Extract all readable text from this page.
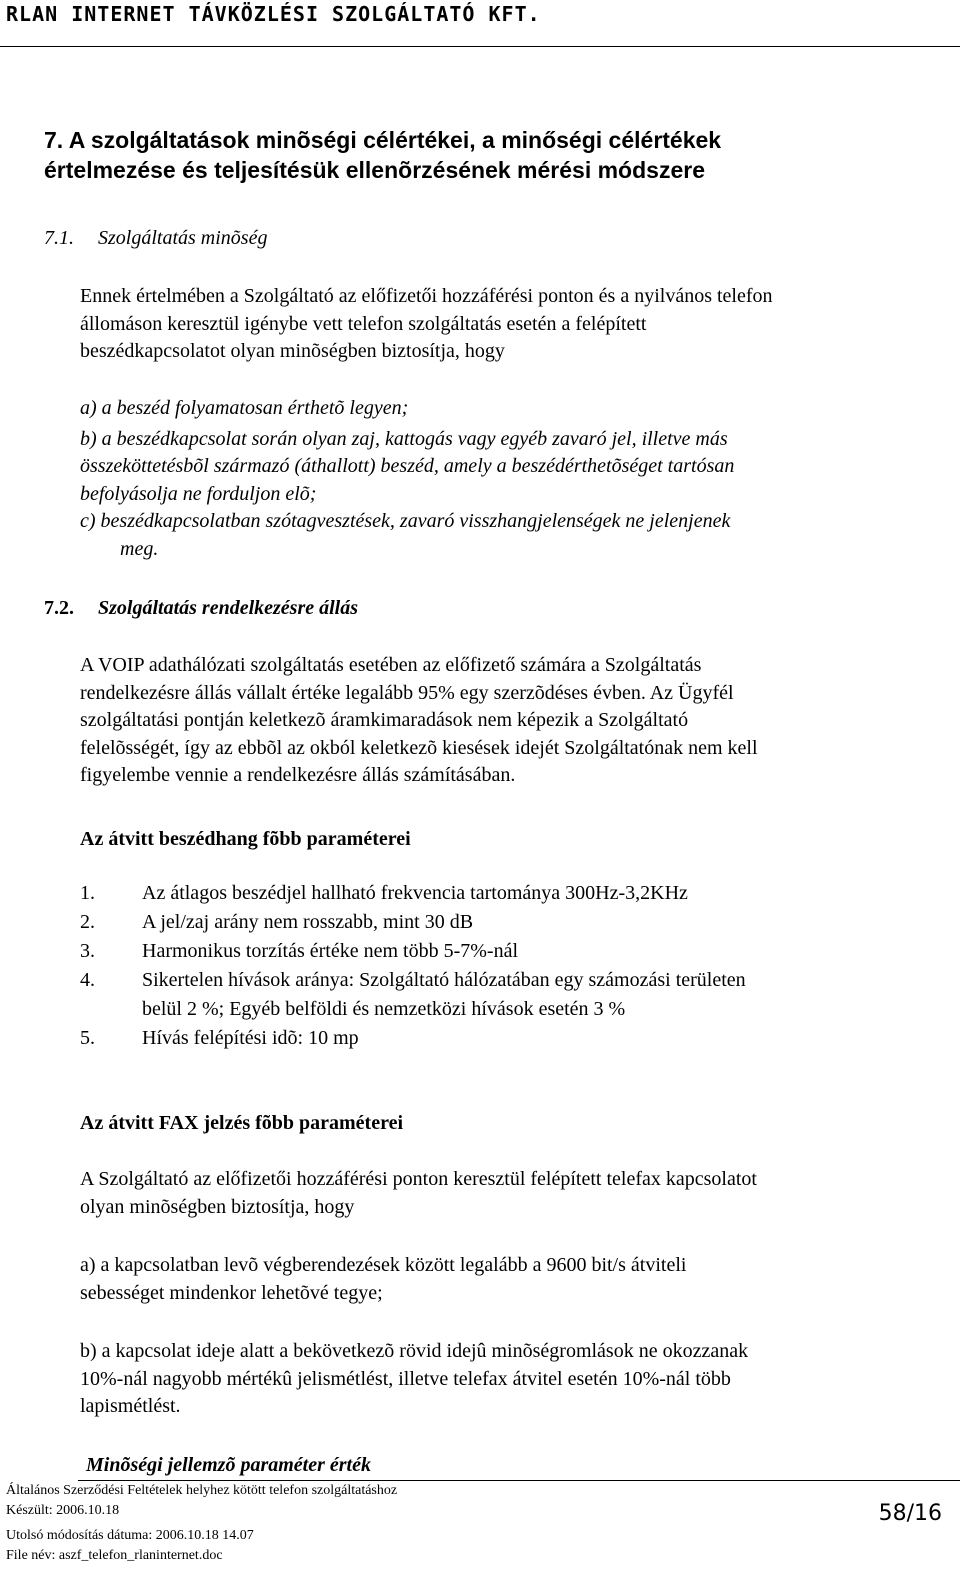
RLAN INTERNET TÁVKÖZLÉSI SZOLGÁLTATÓ KFT.
7. A szolgáltatások minõségi célértékei, a minőségi célértékek
értelmezése és teljesítésük ellenõrzésének mérési módszere
7.1. Szolgáltatás minõség
Ennek értelmében a Szolgáltató az előfizetői hozzáférési ponton és a nyilvános telefon
állomáson keresztül igénybe vett telefon szolgáltatás esetén a felépített
beszédkapcsolatot olyan minõségben biztosítja, hogy
a) a beszéd folyamatosan érthetõ legyen;
b) a beszédkapcsolat során olyan zaj, kattogás vagy egyéb zavaró jel, illetve más
összeköttetésbõl származó (áthallott) beszéd, amely a beszédérthetõséget tartósan
befolyásolja ne forduljon elõ;
c) beszédkapcsolatban szótagvesztések, zavaró visszhangjelenségek ne jelenjenek
meg.
7.2. Szolgáltatás rendelkezésre állás
A VOIP adathálózati szolgáltatás esetében az előfizető számára a Szolgáltatás
rendelkezésre állás vállalt értéke legalább 95% egy szerzõdéses évben. Az Ügyfél
szolgáltatási pontján keletkezõ áramkimaradások nem képezik a Szolgáltató
felelõsségét, így az ebbõl az okból keletkezõ kiesések idejét Szolgáltatónak nem kell
figyelembe vennie a rendelkezésre állás számításában.
Az átvitt beszédhang fõbb paraméterei
1. Az átlagos beszédjel hallható frekvencia tartománya 300Hz-3,2KHz
2. A jel/zaj arány nem rosszabb, mint 30 dB
3. Harmonikus torzítás értéke nem több 5-7%-nál
4. Sikertelen hívások aránya: Szolgáltató hálózatában egy számozási területen
belül 2 %; Egyéb belföldi és nemzetközi hívások esetén 3 %
5. Hívás felépítési idõ: 10 mp
Az átvitt FAX jelzés fõbb paraméterei
A Szolgáltató az előfizetői hozzáférési ponton keresztül felépített telefax kapcsolatot
olyan minõségben biztosítja, hogy
a) a kapcsolatban levõ végberendezések között legalább a 9600 bit/s átviteli
sebességet mindenkor lehetõvé tegye;
b) a kapcsolat ideje alatt a bekövetkezõ rövid idejû minõségromlások ne okozzanak
10%-nál nagyobb mértékû jelismétlést, illetve telefax átvitel esetén 10%-nál több
lapismétlést.
Minõségi jellemzõ paraméter érték
Általános Szerződési Feltételek helyhez kötött telefon szolgáltatáshoz
Készült: 2006.10.18
Utolsó módosítás dátuma: 2006.10.18 14.07
File név: aszf_telefon_rlaninternet.doc
58/16
